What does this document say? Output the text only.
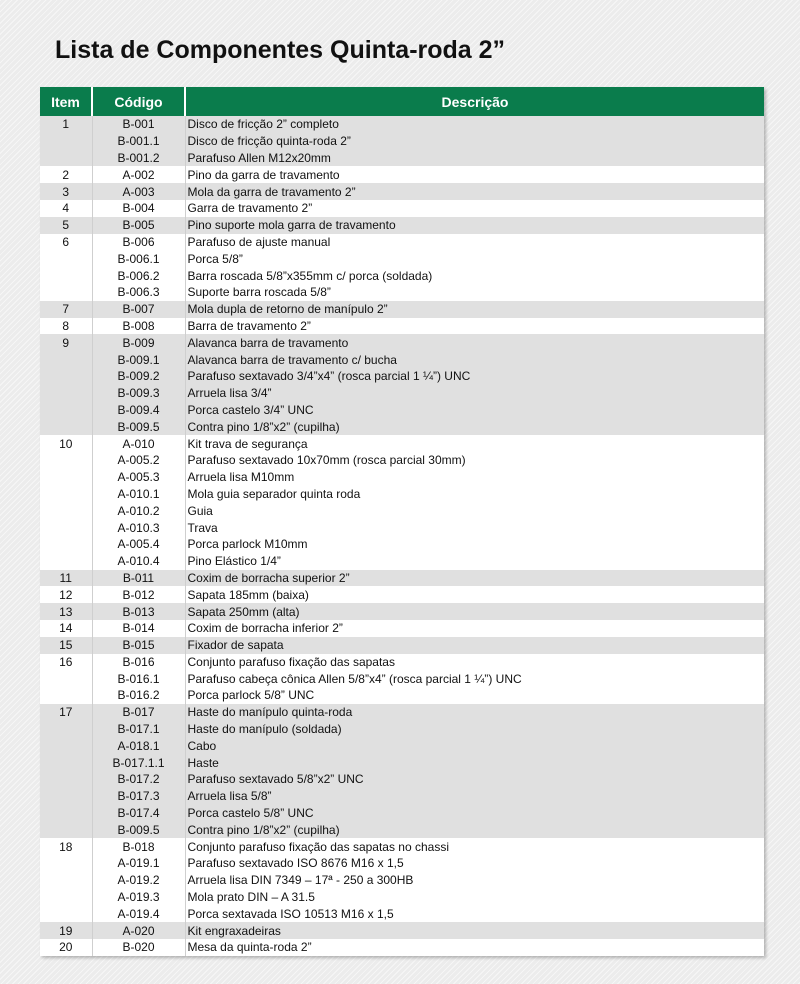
Lista de Componentes Quinta-roda 2”
Item	Código	Descrição
1	B-001	Disco de fricção 2” completo
	B-001.1	Disco de fricção quinta-roda 2”
	B-001.2	Parafuso Allen M12x20mm
2	A-002	Pino da garra de travamento
3	A-003	Mola da garra de travamento 2”
4	B-004	Garra de travamento 2”
5	B-005	Pino suporte mola garra de travamento
6	B-006	Parafuso de ajuste manual
	B-006.1	Porca 5/8”
	B-006.2	Barra roscada 5/8”x355mm c/ porca (soldada)
	B-006.3	Suporte barra roscada 5/8”
7	B-007	Mola dupla de retorno de manípulo 2”
8	B-008	Barra de travamento 2”
9	B-009	Alavanca barra de travamento
	B-009.1	Alavanca barra de travamento c/ bucha
	B-009.2	Parafuso sextavado 3/4”x4” (rosca parcial 1 ¼”) UNC
	B-009.3	Arruela lisa 3/4”
	B-009.4	Porca castelo 3/4” UNC
	B-009.5	Contra pino 1/8”x2” (cupilha)
10	A-010	Kit trava de segurança
	A-005.2	Parafuso sextavado 10x70mm (rosca parcial 30mm)
	A-005.3	Arruela lisa M10mm
	A-010.1	Mola guia separador quinta roda
	A-010.2	Guia
	A-010.3	Trava
	A-005.4	Porca parlock M10mm
	A-010.4	Pino Elástico 1/4”
11	B-011	Coxim de borracha superior 2”
12	B-012	Sapata 185mm (baixa)
13	B-013	Sapata 250mm (alta)
14	B-014	Coxim de borracha inferior 2”
15	B-015	Fixador de sapata
16	B-016	Conjunto parafuso fixação das sapatas
	B-016.1	Parafuso cabeça cônica Allen 5/8”x4” (rosca parcial 1 ¼”) UNC
	B-016.2	Porca parlock 5/8” UNC
17	B-017	Haste do manípulo quinta-roda
	B-017.1	Haste do manípulo (soldada)
	A-018.1	Cabo
	B-017.1.1	Haste
	B-017.2	Parafuso sextavado 5/8”x2” UNC
	B-017.3	Arruela lisa 5/8”
	B-017.4	Porca castelo 5/8” UNC
	B-009.5	Contra pino 1/8”x2” (cupilha)
18	B-018	Conjunto parafuso fixação das sapatas no chassi
	A-019.1	Parafuso sextavado ISO 8676 M16 x 1,5
	A-019.2	Arruela lisa DIN 7349 – 17ª - 250 a 300HB
	A-019.3	Mola prato DIN – A 31.5
	A-019.4	Porca sextavada ISO 10513 M16 x 1,5
19	A-020	Kit engraxadeiras
20	B-020	Mesa da quinta-roda 2”
